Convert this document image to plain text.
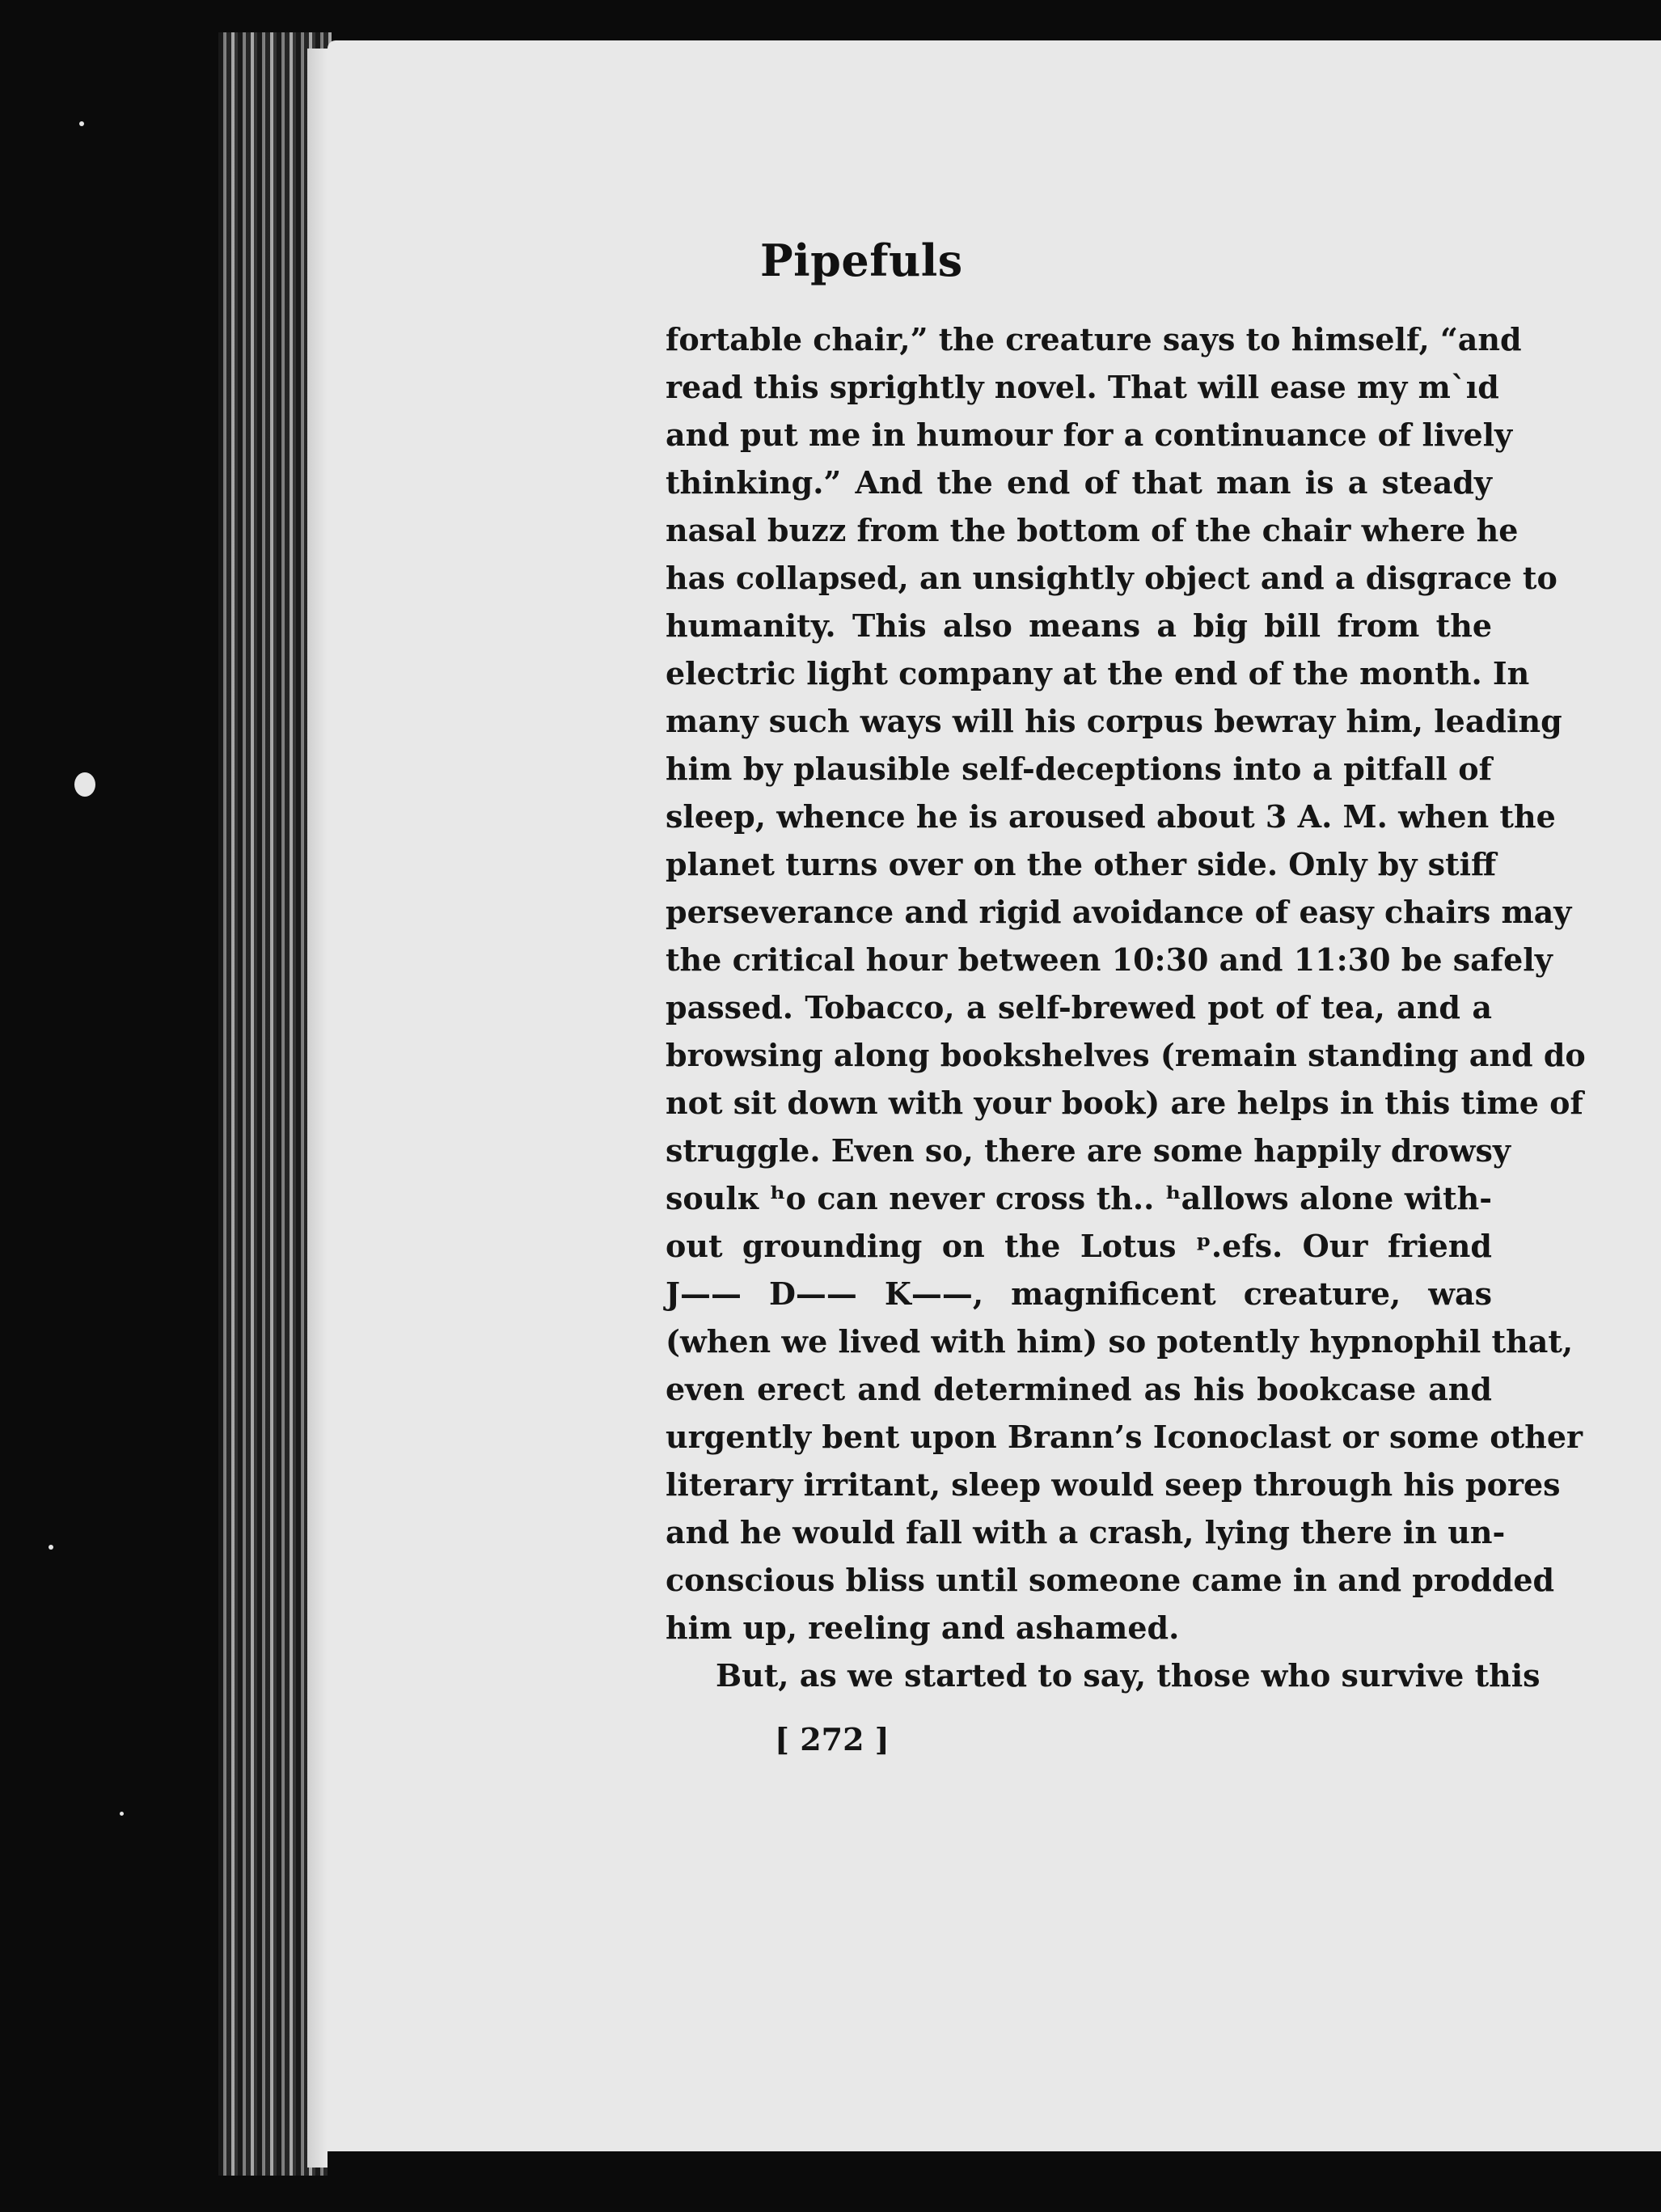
Pipefuls
fortable chair,” the creature says to himself, “and
read this sprightly novel. That will ease my mˋıd
and put me in humour for a continuance of lively
thinking.” And the end of that man is a steady
nasal buzz from the bottom of the chair where he
has collapsed, an unsightly object and a disgrace to
humanity. This also means a big bill from the
electric light company at the end of the month. In
many such ways will his corpus bewray him, leading
him by plausible self-deceptions into a pitfall of
sleep, whence he is aroused about 3 A. M. when the
planet turns over on the other side. Only by stiff
perseverance and rigid avoidance of easy chairs may
the critical hour between 10:30 and 11:30 be safely
passed. Tobacco, a self-brewed pot of tea, and a
browsing along bookshelves (remain standing and do
not sit down with your book) are helps in this time of
struggle. Even so, there are some happily drowsy
soulĸ ʰo can never cross th․․ ʰallows alone with-
out grounding on the Lotus ᵖ․efs. Our friend
J—— D—— K——, magnificent creature, was
(when we lived with him) so potently hypnophil that,
even erect and determined as his bookcase and
urgently bent upon Brann’s Iconoclast or some other
literary irritant, sleep would seep through his pores
and he would fall with a crash, lying there in un-
conscious bliss until someone came in and prodded
him up, reeling and ashamed.
But, as we started to say, those who survive this
[ 272 ]
